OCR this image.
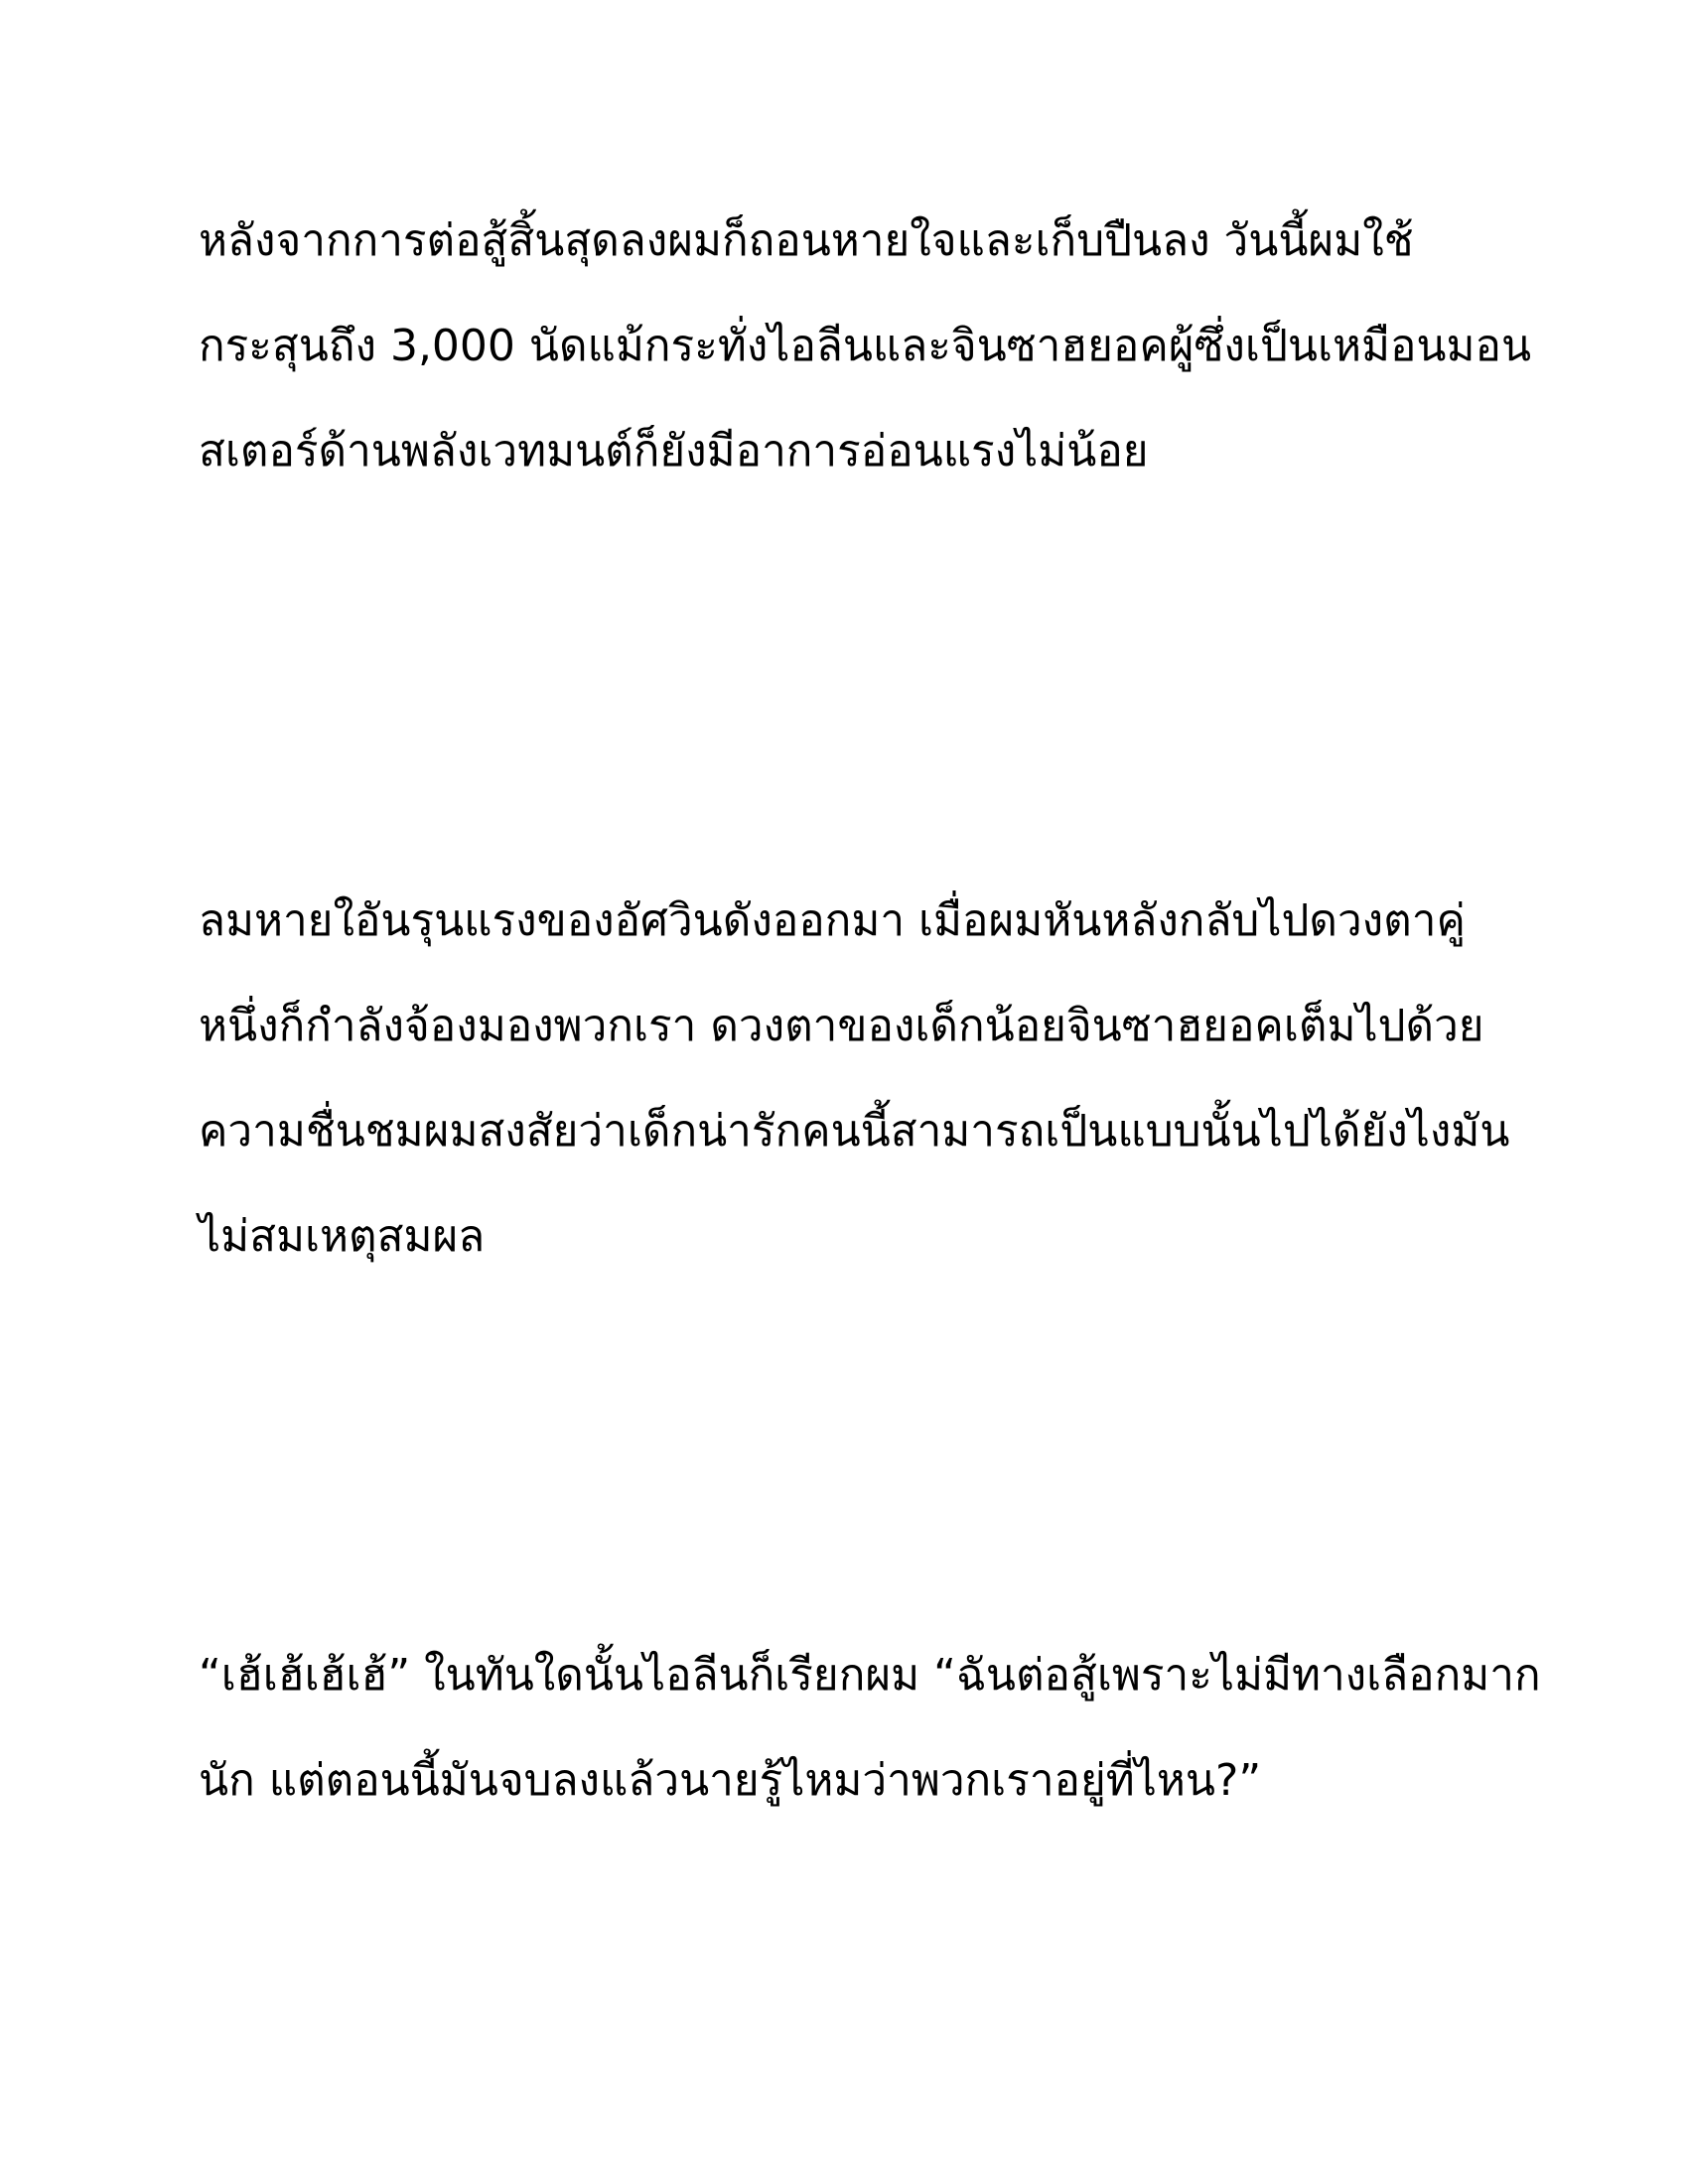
หลังจากการต่อสู้สิ้นสุดลงผมก็ถอนหายใจและเก็บปืนลง วันนี้ผมใช้
กระสุนถึง 3,000 นัดแม้กระทั่งไอลีนและจินซาฮยอคผู้ซึ่งเป็นเหมือนมอน
สเตอร์ด้านพลังเวทมนต์ก็ยังมีอาการอ่อนแรงไม่น้อย
ลมหายใอันรุนแรงของอัศวินดังออกมา เมื่อผมหันหลังกลับไปดวงตาคู่
หนึ่งก็กำลังจ้องมองพวกเรา ดวงตาของเด็กน้อยจินซาฮยอคเต็มไปด้วย
ความชื่นชมผมสงสัยว่าเด็กน่ารักคนนี้สามารถเป็นแบบนั้นไปได้ยังไงมัน
ไม่สมเหตุสมผล
“เฮ้เฮ้เฮ้เฮ้” ในทันใดนั้นไอลีนก็เรียกผม “ฉันต่อสู้เพราะไม่มีทางเลือกมาก
นัก แต่ตอนนี้มันจบลงแล้วนายรู้ไหมว่าพวกเราอยู่ที่ไหน?”
